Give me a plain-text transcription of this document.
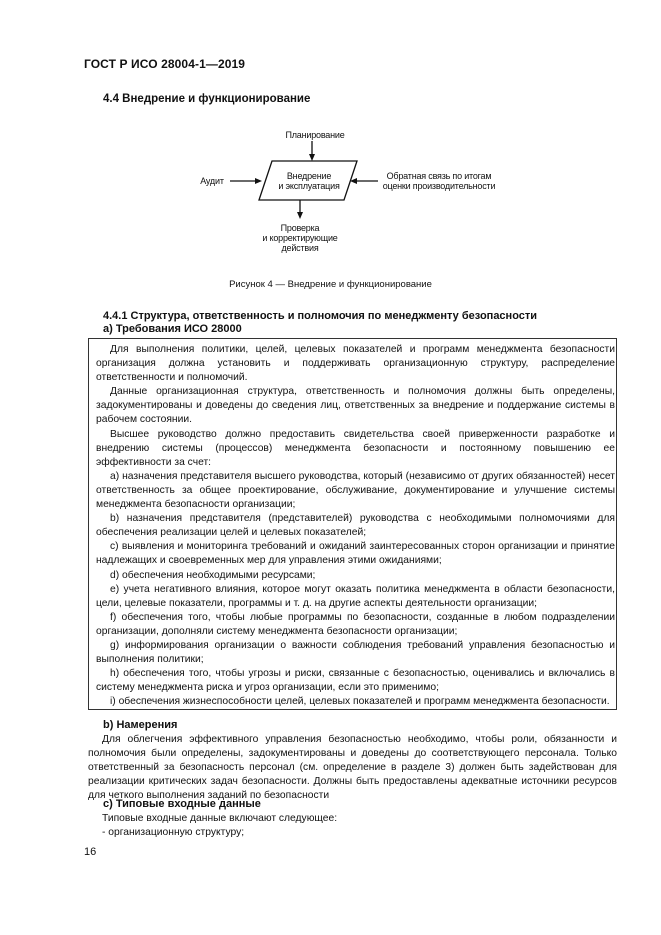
ГОСТ Р ИСО 28004-1—2019
4.4 Внедрение и функционирование
Планирование
Внедрение
и эксплуатация
Аудит	Обратная связь по итогам
оценки производительности
Проверка
и корректирующие
действия
Рисунок 4 — Внедрение и функционирование
4.4.1 Структура, ответственность и полномочия по менеджменту безопасности
а) Требования ИСО 28000

Для выполнения политики, целей, целевых показателей и программ менеджмента безопасности организация должна установить и поддерживать организационную структуру, распределение ответственности и полномочий.

Данные организационная структура, ответственность и полномочия должны быть определены, задокументированы и доведены до сведения лиц, ответственных за внедрение и поддержание системы в рабочем состоянии.

Высшее руководство должно предоставить свидетельства своей приверженности разработке и внедрению системы (процессов) менеджмента безопасности и постоянному повышению ее эффективности за счет:

a) назначения представителя высшего руководства, который (независимо от других обязанностей) несет ответственность за общее проектирование, обслуживание, документирование и улучшение системы менеджмента безопасности организации;

b) назначения представителя (представителей) руководства с необходимыми полномочиями для обеспечения реализации целей и целевых показателей;

c) выявления и мониторинга требований и ожиданий заинтересованных сторон организации и принятие надлежащих и своевременных мер для управления этими ожиданиями;

d) обеспечения необходимыми ресурсами;

e) учета негативного влияния, которое могут оказать политика менеджмента в области безопасности, цели, целевые показатели, программы и т. д. на другие аспекты деятельности организации;

f) обеспечения того, чтобы любые программы по безопасности, созданные в любом подразделении организации, дополняли систему менеджмента безопасности организации;

g) информирования организации о важности соблюдения требований управления безопасностью и выполнения политики;

h) обеспечения того, чтобы угрозы и риски, связанные с безопасностью, оценивались и включались в систему менеджмента риска и угроз организации, если это применимо;

i) обеспечения жизнеспособности целей, целевых показателей и программ менеджмента безопасности.

b) Намерения

Для облегчения эффективного управления безопасностью необходимо, чтобы роли, обязанности и полномочия были определены, задокументированы и доведены до соответствующего персонала. Только ответственный за безопасность персонал (см. определение в разделе 3) должен быть задействован для реализации критических задач безопасности. Должны быть предоставлены адекватные источники ресурсов для четкого выполнения заданий по безопасности

c) Типовые входные данные

Типовые входные данные включают следующее:

- организационную структуру;

16
